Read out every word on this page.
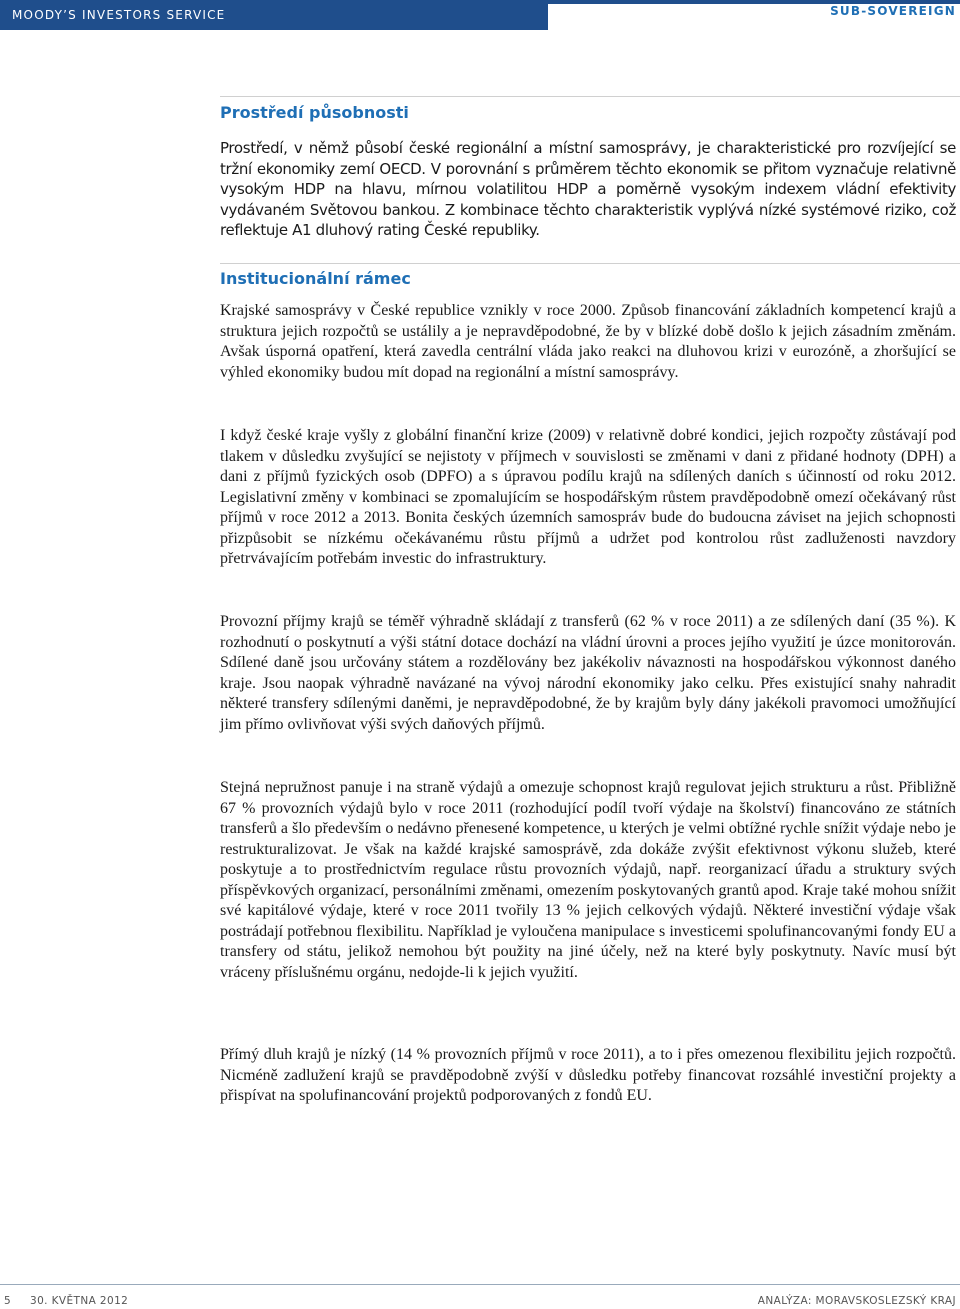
MOODY’S INVESTORS SERVICE	SUB-SOVEREIGN
Prostředí působnosti

Prostředí, v němž působí české regionální a místní samosprávy, je charakteristické pro rozvíjející se tržní ekonomiky zemí OECD. V porovnání s průměrem těchto ekonomik se přitom vyznačuje relativně vysokým HDP na hlavu, mírnou volatilitou HDP a poměrně vysokým indexem vládní efektivity vydávaném Světovou bankou. Z kombinace těchto charakteristik vyplývá nízké systémové riziko, což reflektuje A1 dluhový rating České republiky.

Institucionální rámec

Krajské samosprávy v České republice vznikly v roce 2000. Způsob financování základních kompetencí krajů a struktura jejich rozpočtů se ustálily a je nepravděpodobné, že by v blízké době došlo k jejich zásadním změnám. Avšak úsporná opatření, která zavedla centrální vláda jako reakci na dluhovou krizi v eurozóně, a zhoršující se výhled ekonomiky budou mít dopad na regionální a místní samosprávy.

I když české kraje vyšly z globální finanční krize (2009) v relativně dobré kondici, jejich rozpočty zůstávají pod tlakem v důsledku zvyšující se nejistoty v příjmech v souvislosti se změnami v dani z přidané hodnoty (DPH) a dani z příjmů fyzických osob (DPFO) a s úpravou podílu krajů na sdílených daních s účinností od roku 2012. Legislativní změny v kombinaci se zpomalujícím se hospodářským růstem pravděpodobně omezí očekávaný růst příjmů v roce 2012 a 2013. Bonita českých územních samospráv bude do budoucna záviset na jejich schopnosti přizpůsobit se nízkému očekávanému růstu příjmů a udržet pod kontrolou růst zadluženosti navzdory přetrvávajícím potřebám investic do infrastruktury.

Provozní příjmy krajů se téměř výhradně skládají z transferů (62 % v roce 2011) a ze sdílených daní (35 %). K rozhodnutí o poskytnutí a výši státní dotace dochází na vládní úrovni a proces jejího využití je úzce monitorován. Sdílené daně jsou určovány státem a rozdělovány bez jakékoliv návaznosti na hospodářskou výkonnost daného kraje. Jsou naopak výhradně navázané na vývoj národní ekonomiky jako celku. Přes existující snahy nahradit některé transfery sdílenými daněmi, je nepravděpodobné, že by krajům byly dány jakékoli pravomoci umožňující jim přímo ovlivňovat výši svých daňových příjmů.

Stejná nepružnost panuje i na straně výdajů a omezuje schopnost krajů regulovat jejich strukturu a růst. Přibližně 67 % provozních výdajů bylo v roce 2011 (rozhodující podíl tvoří výdaje na školství) financováno ze státních transferů a šlo především o nedávno přenesené kompetence, u kterých je velmi obtížné rychle snížit výdaje nebo je restrukturalizovat. Je však na každé krajské samosprávě, zda dokáže zvýšit efektivnost výkonu služeb, které poskytuje a to prostřednictvím regulace růstu provozních výdajů, např. reorganizací úřadu a struktury svých příspěvkových organizací, personálními změnami, omezením poskytovaných grantů apod. Kraje také mohou snížit své kapitálové výdaje, které v roce 2011 tvořily 13 % jejich celkových výdajů. Některé investiční výdaje však postrádají potřebnou flexibilitu. Například je vyloučena manipulace s investicemi spolufinancovanými fondy EU a transfery od státu, jelikož nemohou být použity na jiné účely, než na které byly poskytnuty. Navíc musí být vráceny příslušnému orgánu, nedojde-li k jejich využití.

Přímý dluh krajů je nízký (14 % provozních příjmů v roce 2011), a to i přes omezenou flexibilitu jejich rozpočtů. Nicméně zadlužení krajů se pravděpodobně zvýší v důsledku potřeby financovat rozsáhlé investiční projekty a přispívat na spolufinancování projektů podporovaných z fondů EU.

5 30. KVĚTNA 2012	ANALÝZA: MORAVSKOSLEZSKÝ KRAJ
